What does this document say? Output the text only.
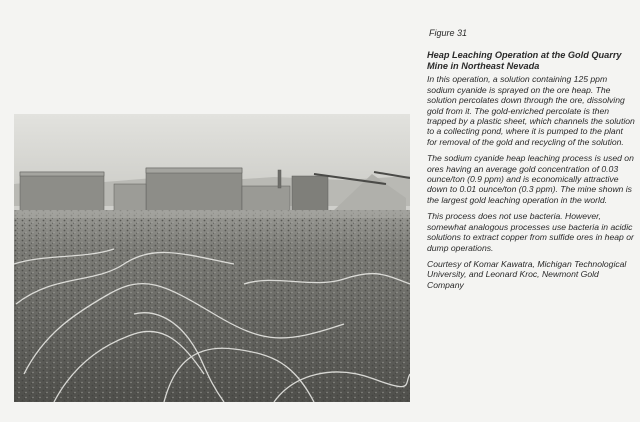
Figure 31
Heap Leaching Operation at the Gold Quarry Mine in Northeast Nevada

In this operation, a solution containing 125 ppm sodium cyanide is sprayed on the ore heap. The solution percolates down through the ore, dissolving gold from it. The gold-enriched percolate is then trapped by a plastic sheet, which channels the solution to a collecting pond, where it is pumped to the plant for removal of the gold and recycling of the solution.

The sodium cyanide heap leaching process is used on ores having an average gold concentration of 0.03 ounce/ton (0.9 ppm) and is economically attractive down to 0.01 ounce/ton (0.3 ppm). The mine shown is the largest gold leaching operation in the world.

This process does not use bacteria. However, somewhat analogous processes use bacteria in acidic solutions to extract copper from sulfide ores in heap or dump operations.

Courtesy of Komar Kawatra, Michigan Technological University, and Leonard Kroc, Newmont Gold Company
